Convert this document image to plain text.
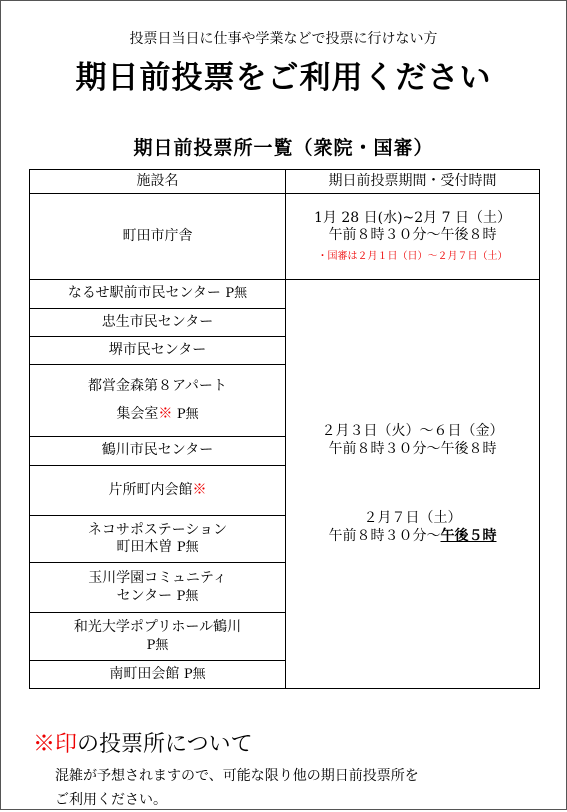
投票日当日に仕事や学業などで投票に行けない方
期日前投票をご利用ください
期日前投票所一覧（衆院・国審）
施設名	期日前投票期間・受付時間
町田市庁舎	1月 28 日(水)~2月 7 日（土）
午前８時３０分～午後８時
・国審は２月１日（日）～２月７日（土）

なるせ駅前市民センター P無	２月３日（火）～６日（金）
午前８時３０分～午後８時
２月７日（土）
午前８時３０分～午後５時

忠生市民センター	
堺市民センター	

都営金森第８アパート
集会室※ P無	

鶴川市民センター	
片所町内会館※	

ネコサポステーション
町田木曽 P無	

玉川学園コミュニティ
センター P無	

和光大学ポプリホール鶴川
P無	

南町田会館 P無	
※印の投票所について
混雑が予想されますので、可能な限り他の期日前投票所を
ご利用ください。
